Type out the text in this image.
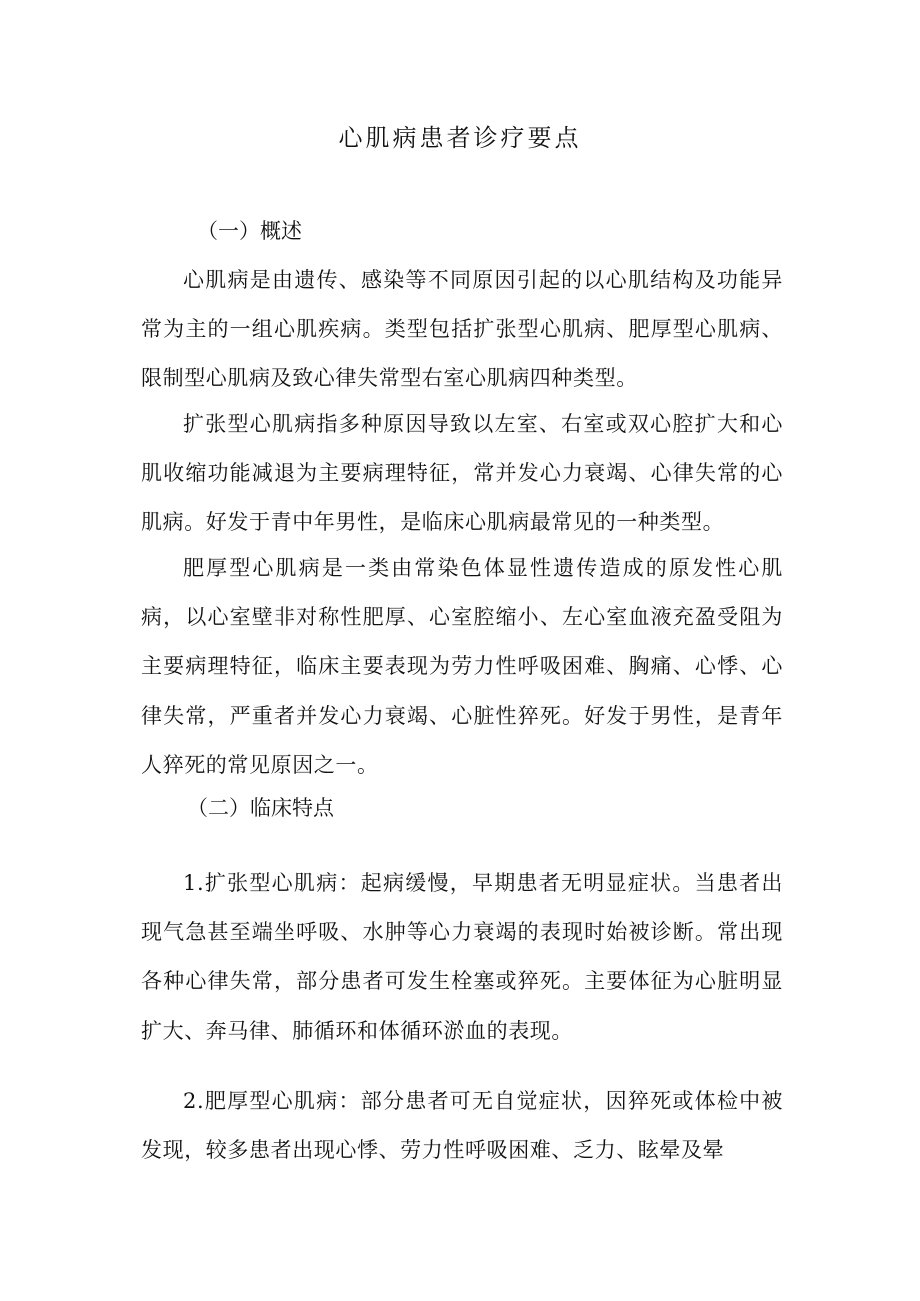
心肌病患者诊疗要点
（一）概述

心肌病是由遗传、感染等不同原因引起的以心肌结构及功能异常为主的一组心肌疾病。类型包括扩张型心肌病、肥厚型心肌病、限制型心肌病及致心律失常型右室心肌病四种类型。

扩张型心肌病指多种原因导致以左室、右室或双心腔扩大和心肌收缩功能减退为主要病理特征，常并发心力衰竭、心律失常的心肌病。好发于青中年男性，是临床心肌病最常见的一种类型。

肥厚型心肌病是一类由常染色体显性遗传造成的原发性心肌病，以心室壁非对称性肥厚、心室腔缩小、左心室血液充盈受阻为主要病理特征，临床主要表现为劳力性呼吸困难、胸痛、心悸、心律失常，严重者并发心力衰竭、心脏性猝死。好发于男性，是青年人猝死的常见原因之一。

（二）临床特点

1.扩张型心肌病：起病缓慢，早期患者无明显症状。当患者出现气急甚至端坐呼吸、水肿等心力衰竭的表现时始被诊断。常出现各种心律失常，部分患者可发生栓塞或猝死。主要体征为心脏明显扩大、奔马律、肺循环和体循环淤血的表现。

2.肥厚型心肌病：部分患者可无自觉症状，因猝死或体检中被发现，较多患者出现心悸、劳力性呼吸困难、乏力、眩晕及晕
